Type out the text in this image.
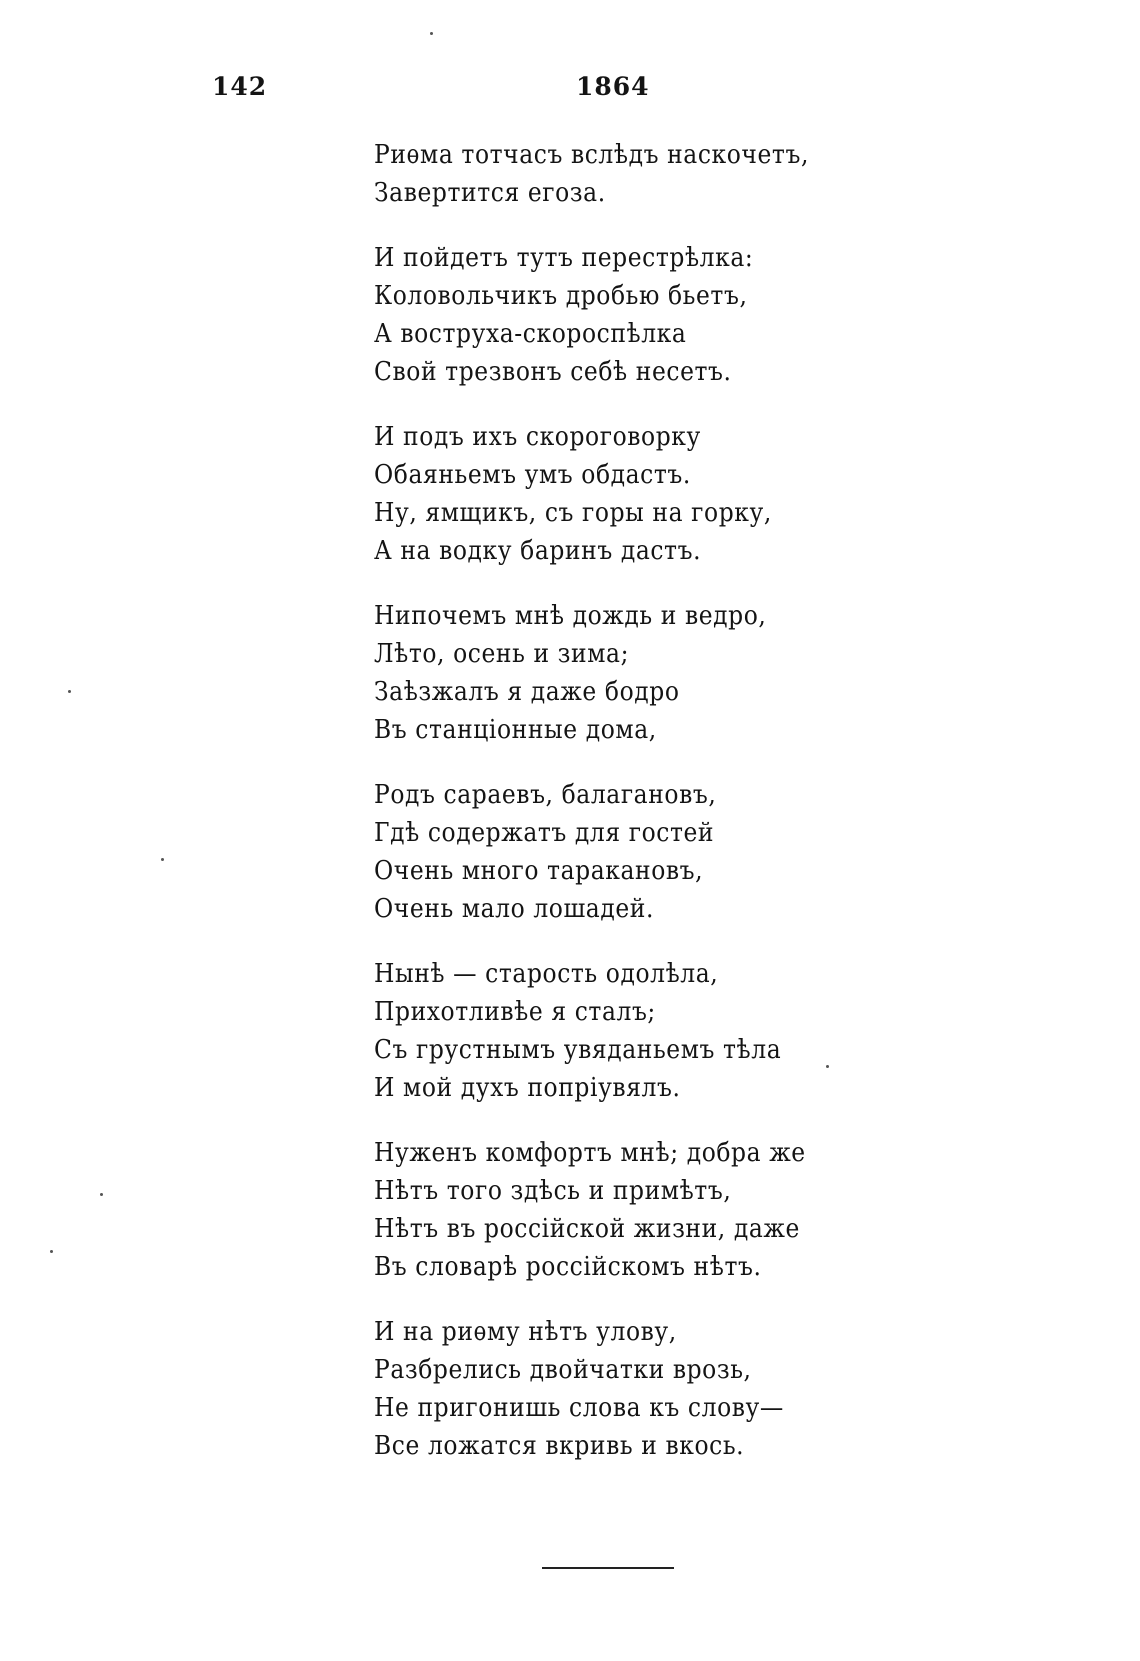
142	1864
Риѳма тотчасъ вслѣдъ наскочетъ,
Завертится егоза.
И пойдетъ тутъ перестрѣлка:
Коловольчикъ дробью бьетъ,
А вострухa-скороспѣлка
Свой трезвонъ себѣ несетъ.
И подъ ихъ скороговорку
Обаяньемъ умъ обдастъ.
Ну, ямщикъ, съ горы на горку,
А на водку баринъ дастъ.
Нипочемъ мнѣ дождь и ведро,
Лѣто, осень и зима;
Заѣзжалъ я даже бодро
Въ станціонные дома,
Родъ сараевъ, балагановъ,
Гдѣ содержатъ для гостей
Очень много таракановъ,
Очень мало лошадей.
Нынѣ — старость одолѣла,
Прихотливѣе я сталъ;
Съ грустнымъ увяданьемъ тѣла
И мой духъ попріувялъ.
Нуженъ комфортъ мнѣ; добра же
Нѣтъ того здѣсь и примѣтъ,
Нѣтъ въ россійской жизни, даже
Въ словарѣ россійскомъ нѣтъ.
И на риѳму нѣтъ улову,
Разбрелись двойчатки врозь,
Не пригонишь слова къ слову—
Все ложатся вкривь и вкось.
